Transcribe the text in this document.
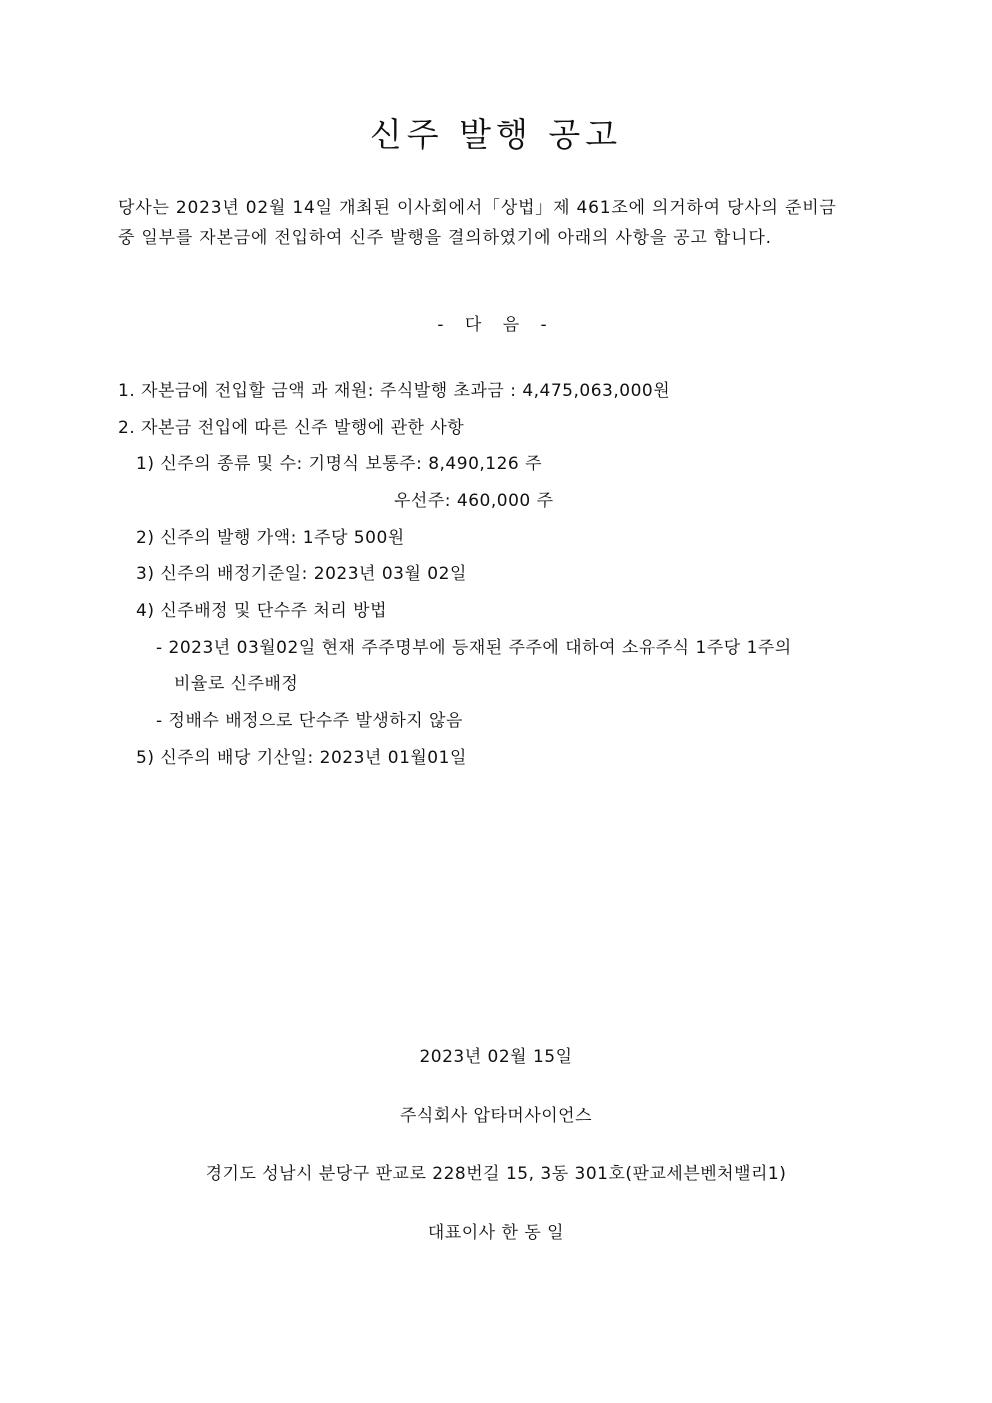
신주 발행 공고
당사는 2023년 02월 14일 개최된 이사회에서「상법」제 461조에 의거하여 당사의 준비금
중 일부를 자본금에 전입하여 신주 발행을 결의하였기에 아래의 사항을 공고 합니다.
- 다 음 -
1. 자본금에 전입할 금액 과 재원: 주식발행 초과금 : 4,475,063,000원
2. 자본금 전입에 따른 신주 발행에 관한 사항
1) 신주의 종류 및 수: 기명식 보통주: 8,490,126 주
우선주: 460,000 주
2) 신주의 발행 가액: 1주당 500원
3) 신주의 배정기준일: 2023년 03월 02일
4) 신주배정 및 단수주 처리 방법
- 2023년 03월02일 현재 주주명부에 등재된 주주에 대하여 소유주식 1주당 1주의
비율로 신주배정
- 정배수 배정으로 단수주 발생하지 않음
5) 신주의 배당 기산일: 2023년 01월01일
2023년 02월 15일
주식회사 압타머사이언스
경기도 성남시 분당구 판교로 228번길 15, 3동 301호(판교세븐벤처밸리1)
대표이사 한 동 일
